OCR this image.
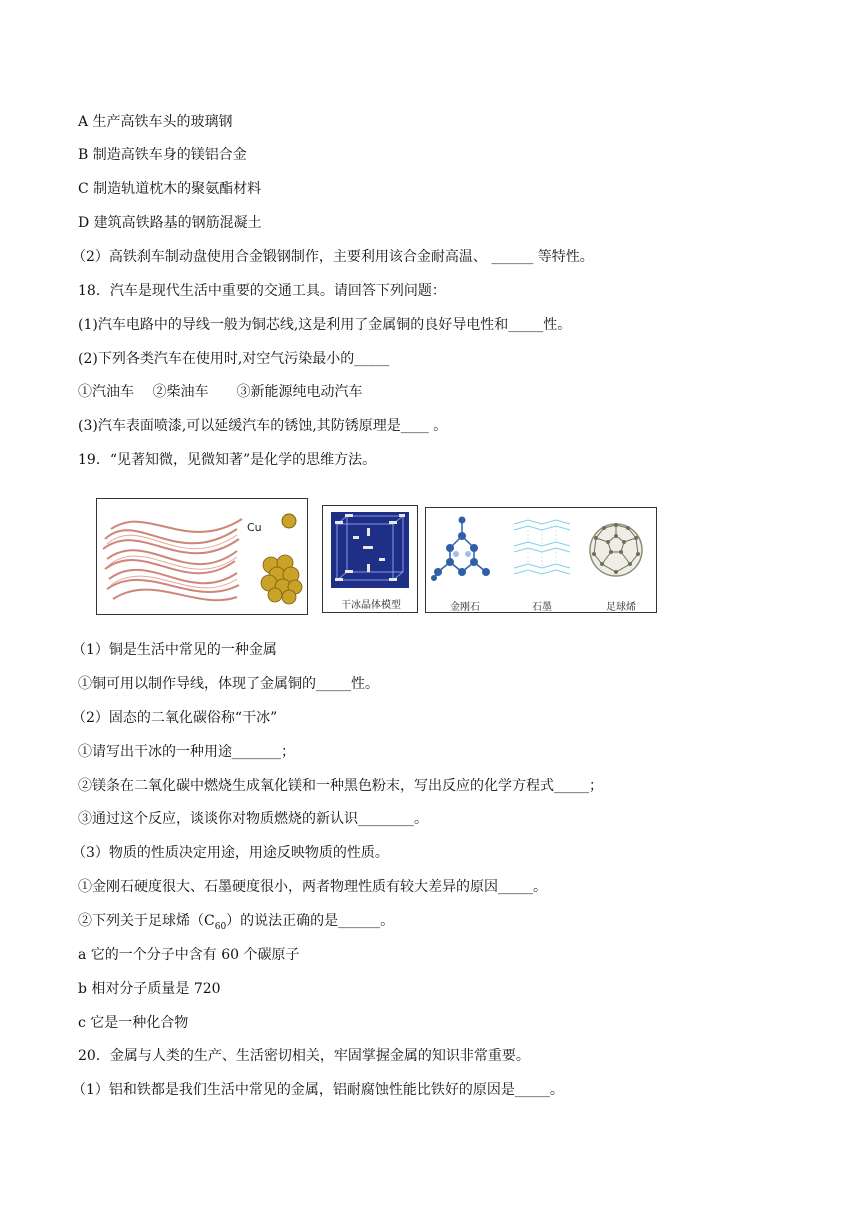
A 生产高铁车头的玻璃钢
B 制造高铁车身的镁铝合金
C 制造轨道枕木的聚氨酯材料
D 建筑高铁路基的钢筋混凝土
（2）高铁刹车制动盘使用合金锻钢制作，主要利用该合金耐高温、 ______ 等特性。
18．汽车是现代生活中重要的交通工具。请回答下列问题：
(1)汽车电路中的导线一般为铜芯线,这是利用了金属铜的良好导电性和_____性。
(2)下列各类汽车在使用时,对空气污染最小的_____
①汽油车　 ②柴油车　　③新能源纯电动汽车
(3)汽车表面喷漆,可以延缓汽车的锈蚀,其防锈原理是____ 。
19．“见著知微，见微知著”是化学的思维方法。
Cu
干冰晶体模型	金刚石	石墨	足球烯
（1）铜是生活中常见的一种金属
①铜可用以制作导线，体现了金属铜的_____性。
（2）固态的二氧化碳俗称“干冰”
①请写出干冰的一种用途_______；
②镁条在二氧化碳中燃烧生成氧化镁和一种黑色粉末，写出反应的化学方程式_____；
③通过这个反应，谈谈你对物质燃烧的新认识________。
（3）物质的性质决定用途，用途反映物质的性质。
①金刚石硬度很大、石墨硬度很小，两者物理性质有较大差异的原因_____。
②下列关于足球烯$(C_{60})$的说法正确的是______。
a 它的一个分子中含有 60 个碳原子
b 相对分子质量是 720
c 它是一种化合物
20．金属与人类的生产、生活密切相关，牢固掌握金属的知识非常重要。
（1）铝和铁都是我们生活中常见的金属，铝耐腐蚀性能比铁好的原因是_____。
